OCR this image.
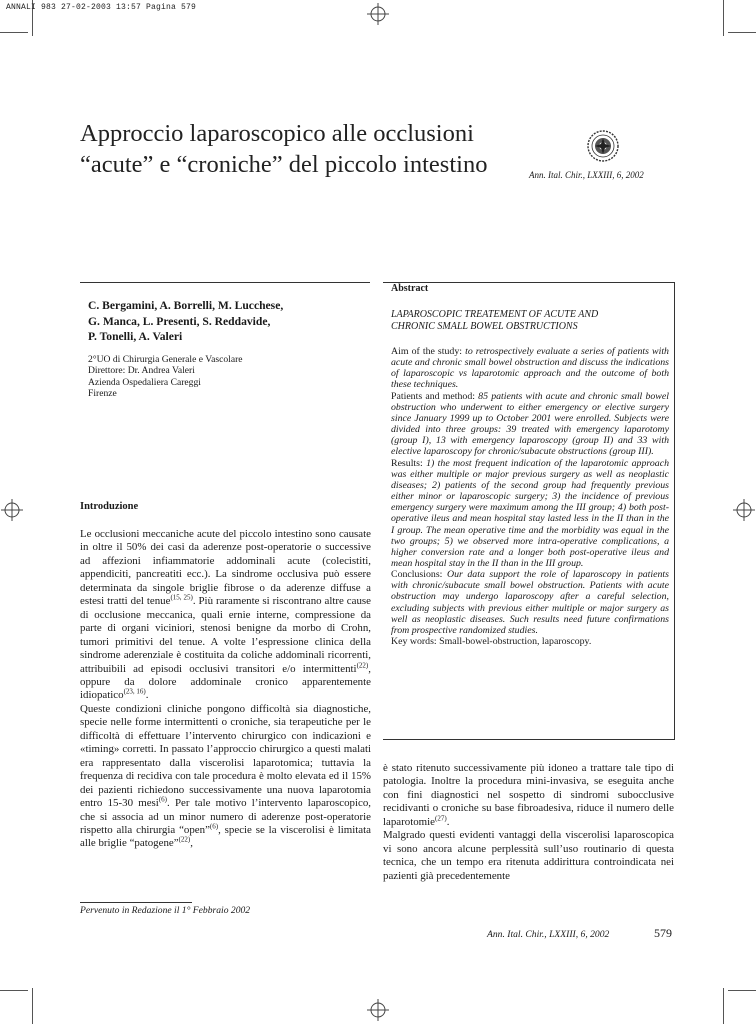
ANNALI 983 27-02-2003 13:57 Pagina 579
Approccio laparoscopico alle occlusioni
“acute” e “croniche” del piccolo intestino	Ann. Ital. Chir., LXXIII, 6, 2002
C. Bergamini, A. Borrelli, M. Lucchese,
G. Manca, L. Presenti, S. Reddavide,
P. Tonelli, A. Valeri
2°UO di Chirurgia Generale e Vascolare
Direttore: Dr. Andrea Valeri
Azienda Ospedaliera Careggi
Firenze
Abstract
LAPAROSCOPIC TREATEMENT OF ACUTE AND
CHRONIC SMALL BOWEL OBSTRUCTIONS

Aim of the study: to retrospectively evaluate a series of patients with acute and chronic small bowel obstruction and discuss the indications of laparoscopic vs laparotomic approach and the outcome of both these techniques.

Patients and method: 85 patients with acute and chronic small bowel obstruction who underwent to either emergency or elective surgery since January 1999 up to October 2001 were enrolled. Subjects were divided into three groups: 39 treated with emergency laparotomy (group I), 13 with emergency laparoscopy (group II) and 33 with elective laparoscopy for chronic/subacute obstructions (group III).

Results: 1) the most frequent indication of the laparotomic approach was either multiple or major previous surgery as well as neoplastic diseases; 2) patients of the second group had frequently previous either minor or laparoscopic surgery; 3) the incidence of previous emergency surgery were maximum among the III group; 4) both post-operative ileus and mean hospital stay lasted less in the II than in the I group. The mean operative time and the morbidity was equal in the two groups; 5) we observed more intra-operative complications, a higher conversion rate and a longer both post-operative ileus and mean hospital stay in the II than in the III group.

Conclusions: Our data support the role of laparoscopy in patients with chronic/subacute small bowel obstruction. Patients with acute obstruction may undergo laparoscopy after a careful selection, excluding subjects with previous either multiple or major surgery as well as neoplastic diseases. Such results need future confirmations from prospective randomized studies.

Key words: Small-bowel-obstruction, laparoscopy.

Introduzione

Le occlusioni meccaniche acute del piccolo intestino sono causate in oltre il 50% dei casi da aderenze post-operatorie o successive ad affezioni infiammatorie addominali acute (colecistiti, appendiciti, pancreatiti ecc.). La sindrome occlusiva può essere determinata da singole briglie fibrose o da aderenze diffuse a estesi tratti del tenue$^{(15, 25)}$. Più raramente si riscontrano altre cause di occlusione meccanica, quali ernie interne, compressione da parte di organi viciniori, stenosi benigne da morbo di Crohn, tumori primitivi del tenue. A volte l’espressione clinica della sindrome aderenziale è costituita da coliche addominali ricorrenti, attribuibili ad episodi occlusivi transitori e/o intermittenti$^{(22)}$, oppure da dolore addominale cronico apparentemente idiopatico$^{(23, 16)}$.

Queste condizioni cliniche pongono difficoltà sia diagnostiche, specie nelle forme intermittenti o croniche, sia terapeutiche per le difficoltà di effettuare l’intervento chirurgico con indicazioni e «timing» corretti. In passato l’approccio chirurgico a questi malati era rappresentato dalla viscerolisi laparotomica; tuttavia la frequenza di recidiva con tale procedura è molto elevata ed il 15% dei pazienti richiedono successivamente una nuova laparotomia entro 15-30 mesi$^{(6)}$. Per tale motivo l’intervento laparoscopico, che si associa ad un minor numero di aderenze post-operatorie rispetto alla chirurgia “open”$^{(6)}$, specie se la viscerolisi è limitata alle briglie “patogene”$^{(22)}$,

è stato ritenuto successivamente più idoneo a trattare tale tipo di patologia. Inoltre la procedura mini-invasiva, se eseguita anche con fini diagnostici nel sospetto di sindromi subocclusive recidivanti o croniche su base fibroadesiva, riduce il numero delle laparotomie$^{(27)}$.

Malgrado questi evidenti vantaggi della viscerolisi laparoscopica vi sono ancora alcune perplessità sull’uso routinario di questa tecnica, che un tempo era ritenuta addirittura controindicata nei pazienti già precedentemente

Pervenuto in Redazione il 1° Febbraio 2002
Ann. Ital. Chir., LXXIII, 6, 2002	579
